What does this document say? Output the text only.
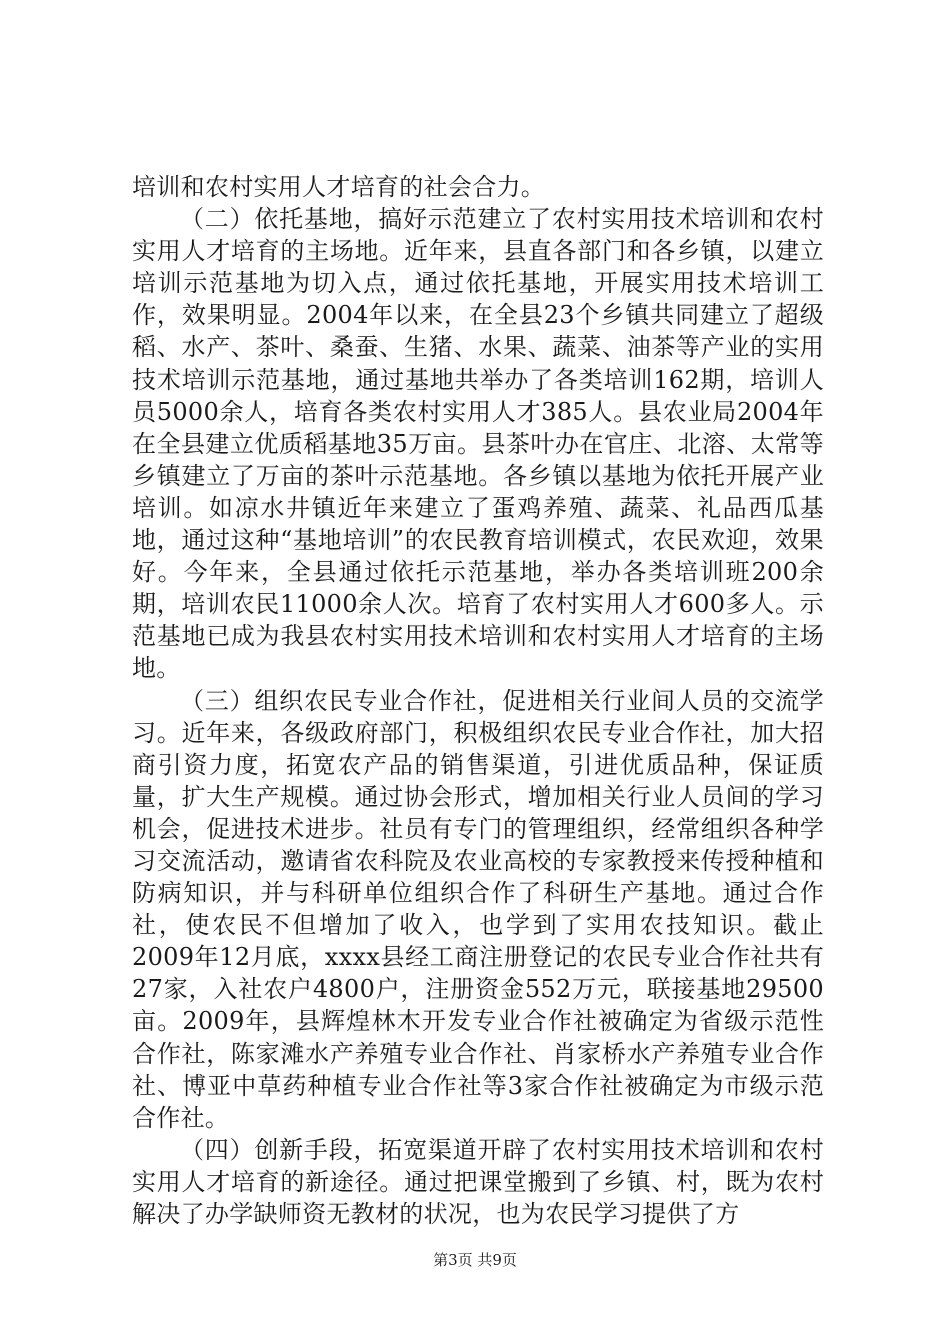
培训和农村实用人才培育的社会合力。

（二）依托基地，搞好示范建立了农村实用技术培训和农村实用人才培育的主场地。近年来，县直各部门和各乡镇，以建立培训示范基地为切入点，通过依托基地，开展实用技术培训工作，效果明显。2004年以来，在全县23个乡镇共同建立了超级稻、水产、茶叶、桑蚕、生猪、水果、蔬菜、油茶等产业的实用技术培训示范基地，通过基地共举办了各类培训162期，培训人员5000余人，培育各类农村实用人才385人。县农业局2004年在全县建立优质稻基地35万亩。县茶叶办在官庄、北溶、太常等乡镇建立了万亩的茶叶示范基地。各乡镇以基地为依托开展产业培训。如凉水井镇近年来建立了蛋鸡养殖、蔬菜、礼品西瓜基地，通过这种“基地培训”的农民教育培训模式，农民欢迎，效果好。今年来，全县通过依托示范基地，举办各类培训班200余期，培训农民11000余人次。培育了农村实用人才600多人。示范基地已成为我县农村实用技术培训和农村实用人才培育的主场地。

（三）组织农民专业合作社，促进相关行业间人员的交流学习。近年来，各级政府部门，积极组织农民专业合作社，加大招商引资力度，拓宽农产品的销售渠道，引进优质品种，保证质量，扩大生产规模。通过协会形式，增加相关行业人员间的学习机会，促进技术进步。社员有专门的管理组织，经常组织各种学习交流活动，邀请省农科院及农业高校的专家教授来传授种植和防病知识，并与科研单位组织合作了科研生产基地。通过合作社，使农民不但增加了收入，也学到了实用农技知识。截止2009年12月底，xxxx县经工商注册登记的农民专业合作社共有27家，入社农户4800户，注册资金552万元，联接基地29500亩。2009年，县辉煌林木开发专业合作社被确定为省级示范性合作社，陈家滩水产养殖专业合作社、肖家桥水产养殖专业合作社、博亚中草药种植专业合作社等3家合作社被确定为市级示范合作社。

（四）创新手段，拓宽渠道开辟了农村实用技术培训和农村实用人才培育的新途径。通过把课堂搬到了乡镇、村，既为农村解决了办学缺师资无教材的状况，也为农民学习提供了方

第3页 共9页
